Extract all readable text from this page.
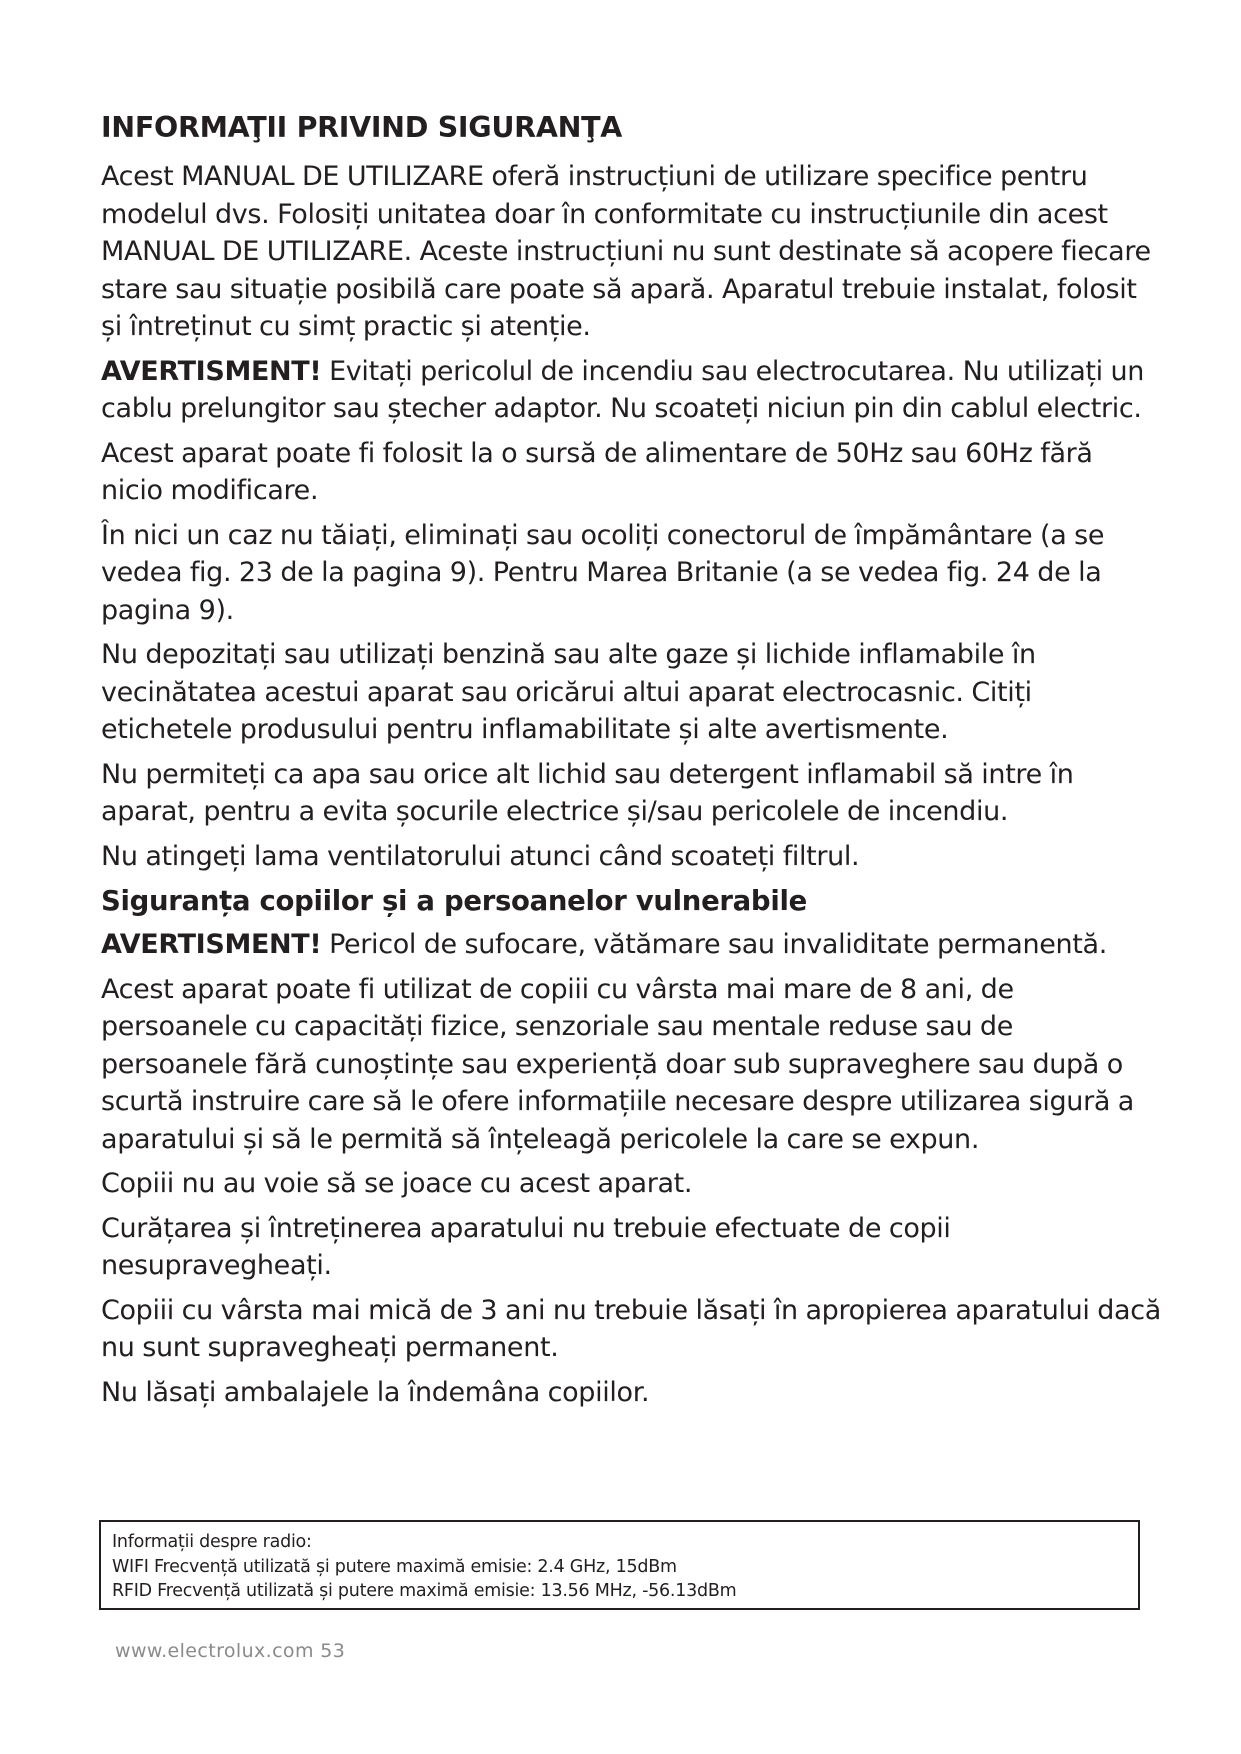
INFORMAŢII PRIVIND SIGURANŢA

Acest MANUAL DE UTILIZARE oferă instrucțiuni de utilizare specifice pentru modelul dvs. Folosiți unitatea doar în conformitate cu instrucțiunile din acest MANUAL DE UTILIZARE. Aceste instrucțiuni nu sunt destinate să acopere fiecare stare sau situație posibilă care poate să apară. Aparatul trebuie instalat, folosit și întreținut cu simț practic și atenție.

AVERTISMENT! Evitați pericolul de incendiu sau electrocutarea. Nu utilizați un cablu prelungitor sau ștecher adaptor. Nu scoateți niciun pin din cablul electric.

Acest aparat poate fi folosit la o sursă de alimentare de 50Hz sau 60Hz fără nicio modificare.

În nici un caz nu tăiați, eliminați sau ocoliți conectorul de împământare (a se vedea fig. 23 de la pagina 9). Pentru Marea Britanie (a se vedea fig. 24 de la pagina 9).

Nu depozitați sau utilizați benzină sau alte gaze și lichide inflamabile în vecinătatea acestui aparat sau oricărui altui aparat electrocasnic. Citiți etichetele produsului pentru inflamabilitate și alte avertismente.

Nu permiteți ca apa sau orice alt lichid sau detergent inflamabil să intre în aparat, pentru a evita șocurile electrice și/sau pericolele de incendiu.

Nu atingeți lama ventilatorului atunci când scoateți filtrul.

Siguranța copiilor și a persoanelor vulnerabile

AVERTISMENT! Pericol de sufocare, vătămare sau invaliditate permanentă.

Acest aparat poate fi utilizat de copiii cu vârsta mai mare de 8 ani, de persoanele cu capacități fizice, senzoriale sau mentale reduse sau de persoanele fără cunoștințe sau experiență doar sub supraveghere sau după o scurtă instruire care să le ofere informațiile necesare despre utilizarea sigură a aparatului și să le permită să înțeleagă pericolele la care se expun.

Copiii nu au voie să se joace cu acest aparat.

Curățarea și întreținerea aparatului nu trebuie efectuate de copii nesupravegheați.

Copiii cu vârsta mai mică de 3 ani nu trebuie lăsați în apropierea aparatului dacă nu sunt supravegheați permanent.

Nu lăsați ambalajele la îndemâna copiilor.

Informații despre radio:
WIFI Frecvență utilizată și putere maximă emisie: 2.4 GHz, 15dBm
RFID Frecvență utilizată și putere maximă emisie: 13.56 MHz, -56.13dBm
www.electrolux.com 53
